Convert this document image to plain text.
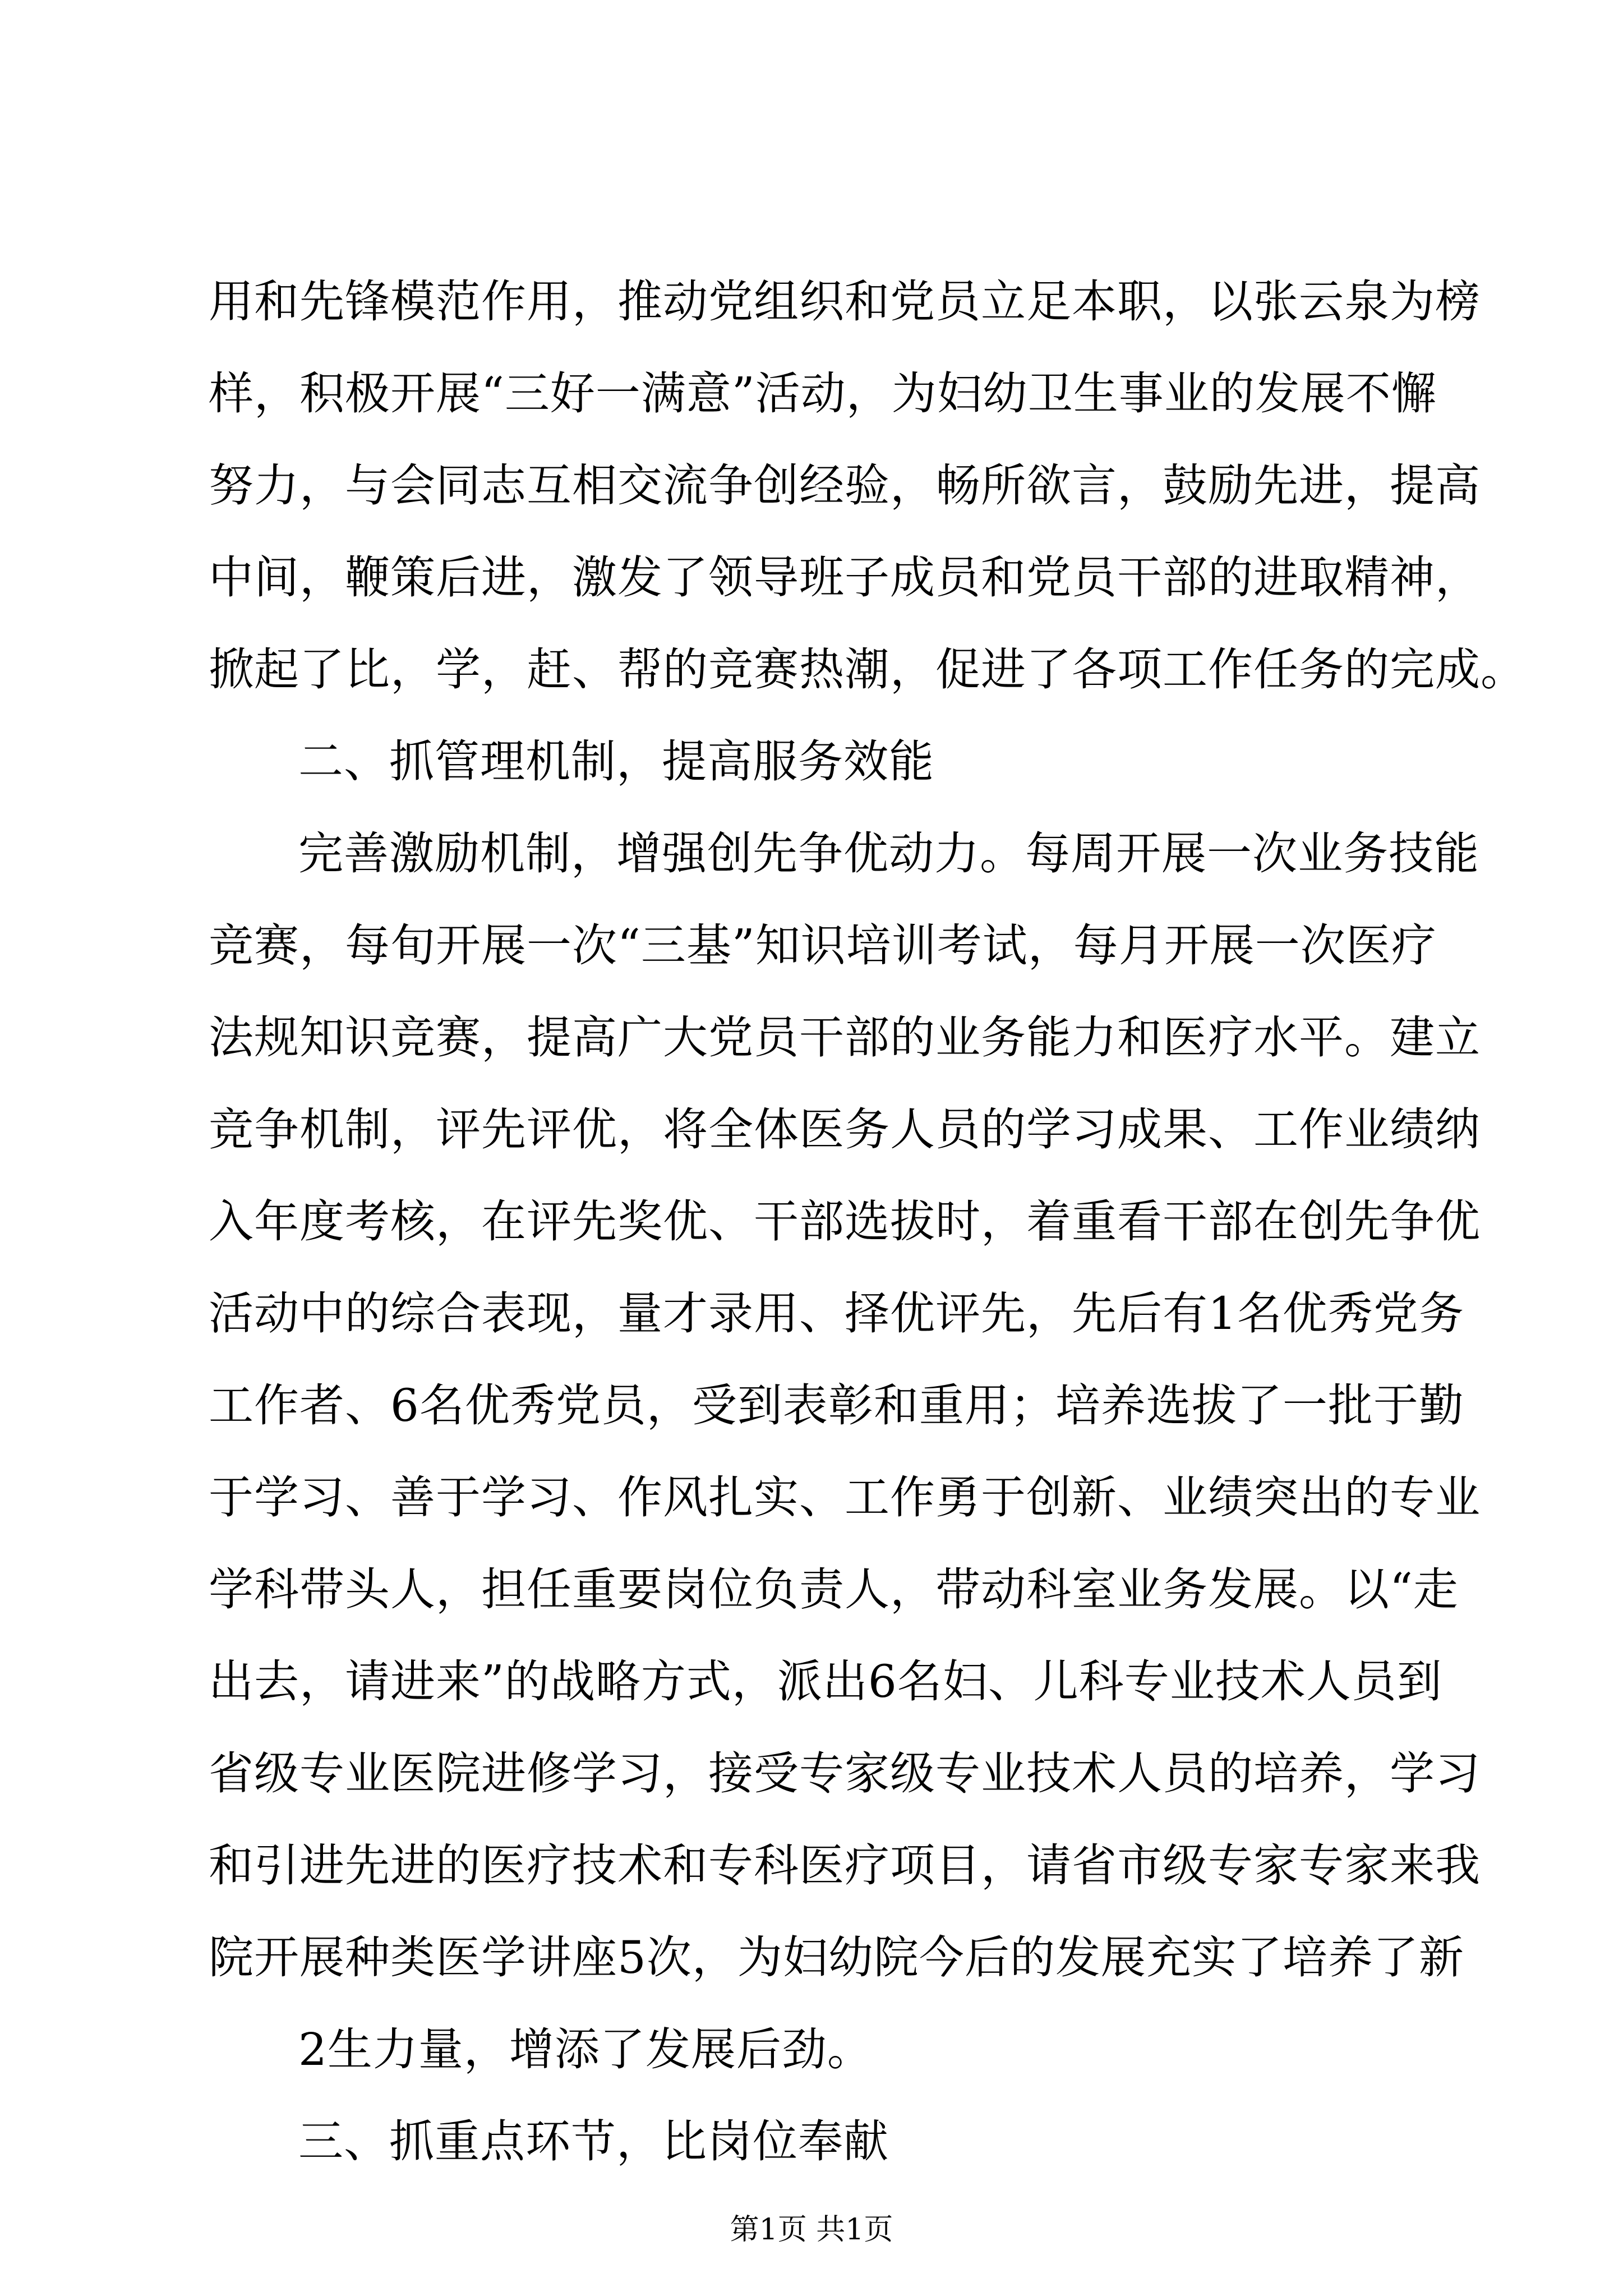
用和先锋模范作用，推动党组织和党员立足本职，以张云泉为榜
样，积极开展“三好一满意”活动，为妇幼卫生事业的发展不懈
努力，与会同志互相交流争创经验，畅所欲言，鼓励先进，提高
中间，鞭策后进，激发了领导班子成员和党员干部的进取精神，
掀起了比，学，赶、帮的竞赛热潮，促进了各项工作任务的完成。
二、抓管理机制，提高服务效能
完善激励机制，增强创先争优动力。每周开展一次业务技能
竞赛，每旬开展一次“三基”知识培训考试，每月开展一次医疗
法规知识竞赛，提高广大党员干部的业务能力和医疗水平。建立
竞争机制，评先评优，将全体医务人员的学习成果、工作业绩纳
入年度考核，在评先奖优、干部选拔时，着重看干部在创先争优
活动中的综合表现，量才录用、择优评先，先后有1名优秀党务
工作者、6名优秀党员，受到表彰和重用；培养选拔了一批于勤
于学习、善于学习、作风扎实、工作勇于创新、业绩突出的专业
学科带头人，担任重要岗位负责人，带动科室业务发展。以“走
出去，请进来”的战略方式，派出6名妇、儿科专业技术人员到
省级专业医院进修学习，接受专家级专业技术人员的培养，学习
和引进先进的医疗技术和专科医疗项目，请省市级专家专家来我
院开展种类医学讲座5次，为妇幼院今后的发展充实了培养了新
2生力量，增添了发展后劲。
三、抓重点环节，比岗位奉献
第1页 共1页
